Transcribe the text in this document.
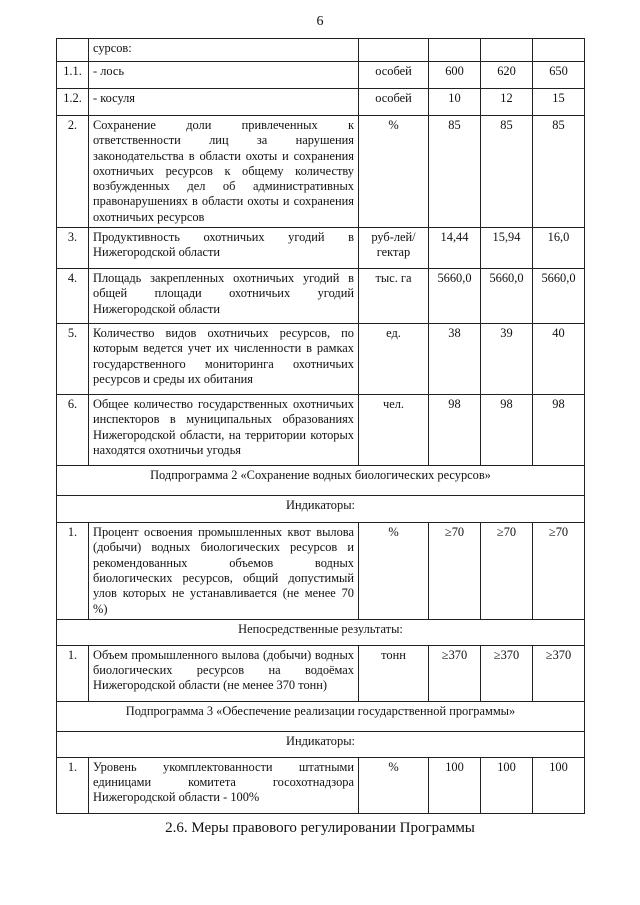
6
	сурсов:				
1.1.	- лось	особей	600	620	650
1.2.	- косуля	особей	10	12	15
2.	Сохранение доли привлеченных к ответственности лиц за нарушения законодательства в области охоты и сохранения охотничьих ресурсов к общему количеству возбужденных дел об административных правонарушениях в области охоты и сохранения охотничьих ресурсов	%	85	85	85
3.	Продуктивность охотничьих угодий в Нижегородской области	руб-лей/гектар	14,44	15,94	16,0
4.	Площадь закрепленных охотничьих угодий в общей площади охотничьих угодий Нижегородской области	тыс. га	5660,0	5660,0	5660,0
5.	Количество видов охотничьих ресурсов, по которым ведется учет их численности в рамках государственного мониторинга охотничьих ресурсов и среды их обитания	ед.	38	39	40
6.	Общее количество государственных охотничьих инспекторов в муниципальных образованиях Нижегородской области, на территории которых находятся охотничьи угодья	чел.	98	98	98
Подпрограмма 2 «Сохранение водных биологических ресурсов»					
Индикаторы:					
1.	Процент освоения промышленных квот вылова (добычи) водных биологических ресурсов и рекомендованных объемов водных биологических ресурсов, общий допустимый улов которых не устанавливается (не менее 70 %)	%	≥70	≥70	≥70
Непосредственные результаты:					
1.	Объем промышленного вылова (добычи) водных биологических ресурсов на водоёмах Нижегородской области (не менее 370 тонн)	тонн	≥370	≥370	≥370
Подпрограмма 3 «Обеспечение реализации государственной программы»					
Индикаторы:					
1.	Уровень укомплектованности штатными единицами комитета госохотнадзора Нижегородской области - 100%	%	100	100	100
2.6. Меры правового регулировании Программы
